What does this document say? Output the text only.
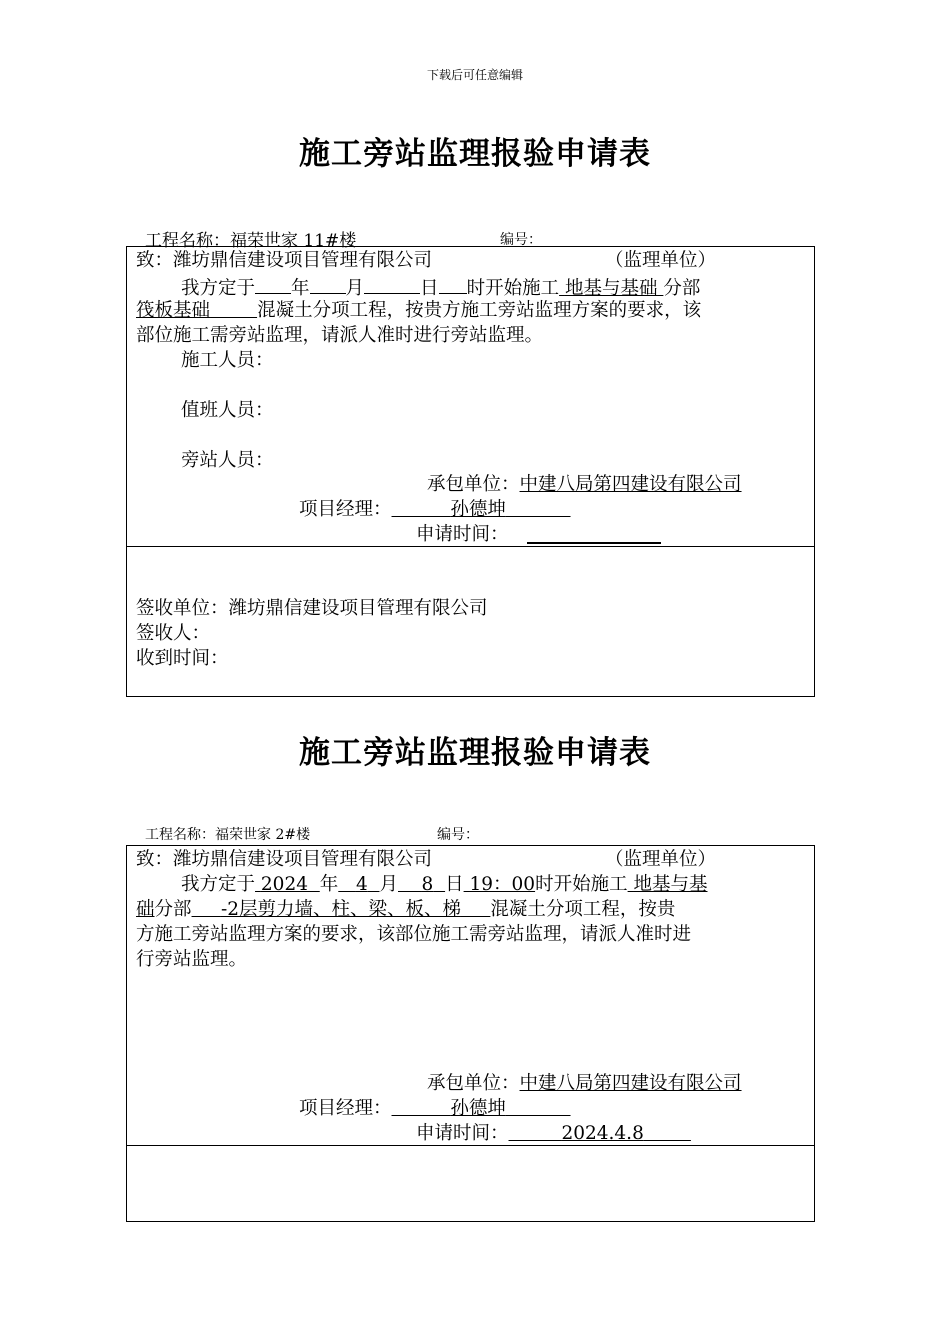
下载后可任意编辑
施工旁站监理报验申请表
工程名称：福荣世家 11#楼	编号：
致：潍坊鼎信建设项目管理有限公司	（监理单位）
我方定于 年 月	日 时开始施工 地基与基础 分部
筏板基础	混凝土分项工程，按贵方施工旁站监理方案的要求，该
部位施工需旁站监理，请派人准时进行旁站监理。
施工人员：
值班人员：
旁站人员：
承包单位：中建八局第四建设有限公司
项目经理：	孙德坤
申请时间：
签收单位：潍坊鼎信建设项目管理有限公司
签收人：
收到时间：
施工旁站监理报验申请表
工程名称：福荣世家 2#楼	编号：
致：潍坊鼎信建设项目管理有限公司	（监理单位）
我方定于 2024 年 4 月 8 日 19：00时开始施工 地基与基
础分部 -2层剪力墙、柱、梁、板、梯 混凝土分项工程，按贵
方施工旁站监理方案的要求，该部位施工需旁站监理，请派人准时进
行旁站监理。
承包单位：中建八局第四建设有限公司
项目经理：	孙德坤
申请时间：	2024.4.8
